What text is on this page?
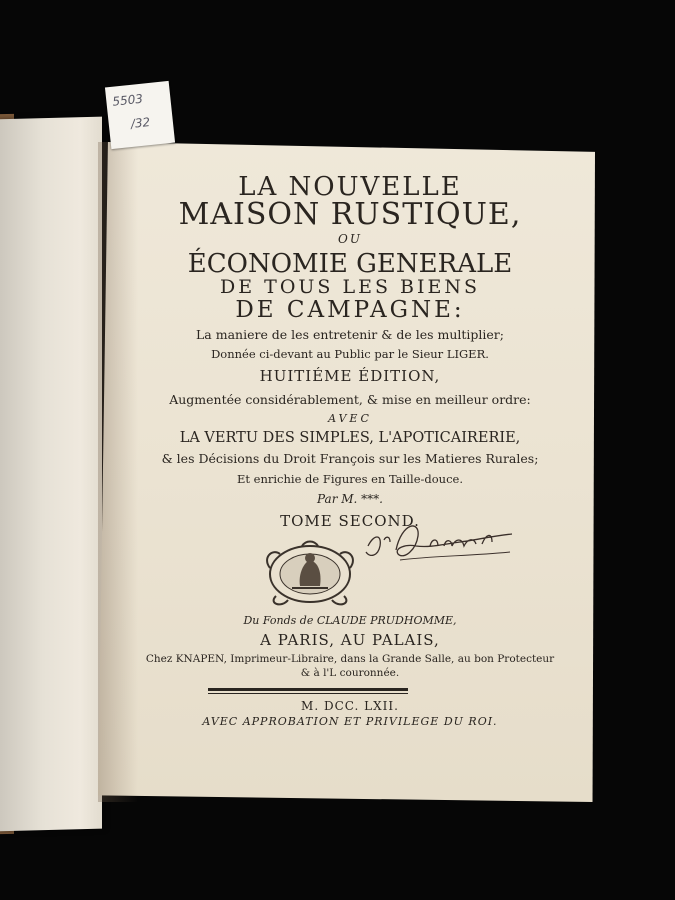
5503
/32
LA NOUVELLE
MAISON RUSTIQUE,
OU
ÉCONOMIE GENERALE
DE TOUS LES BIENS
DE CAMPAGNE:
La maniere de les entretenir & de les multiplier;
Donnée ci-devant au Public par le Sieur LIGER.
HUITIÉME ÉDITION,
Augmentée considérablement, & mise en meilleur ordre:
AVEC
LA VERTU DES SIMPLES, L'APOTICAIRERIE,
& les Décisions du Droit François sur les Matieres Rurales;
Et enrichie de Figures en Taille-douce.
Par M. ***.
TOME SECOND.
Du Fonds de CLAUDE PRUDHOMME,
A PARIS, AU PALAIS,
Chez KNAPEN, Imprimeur-Libraire, dans la Grande Salle, au bon Protecteur
& à l'L couronnée.
M. DCC. LXII.
AVEC APPROBATION ET PRIVILEGE DU ROI.
